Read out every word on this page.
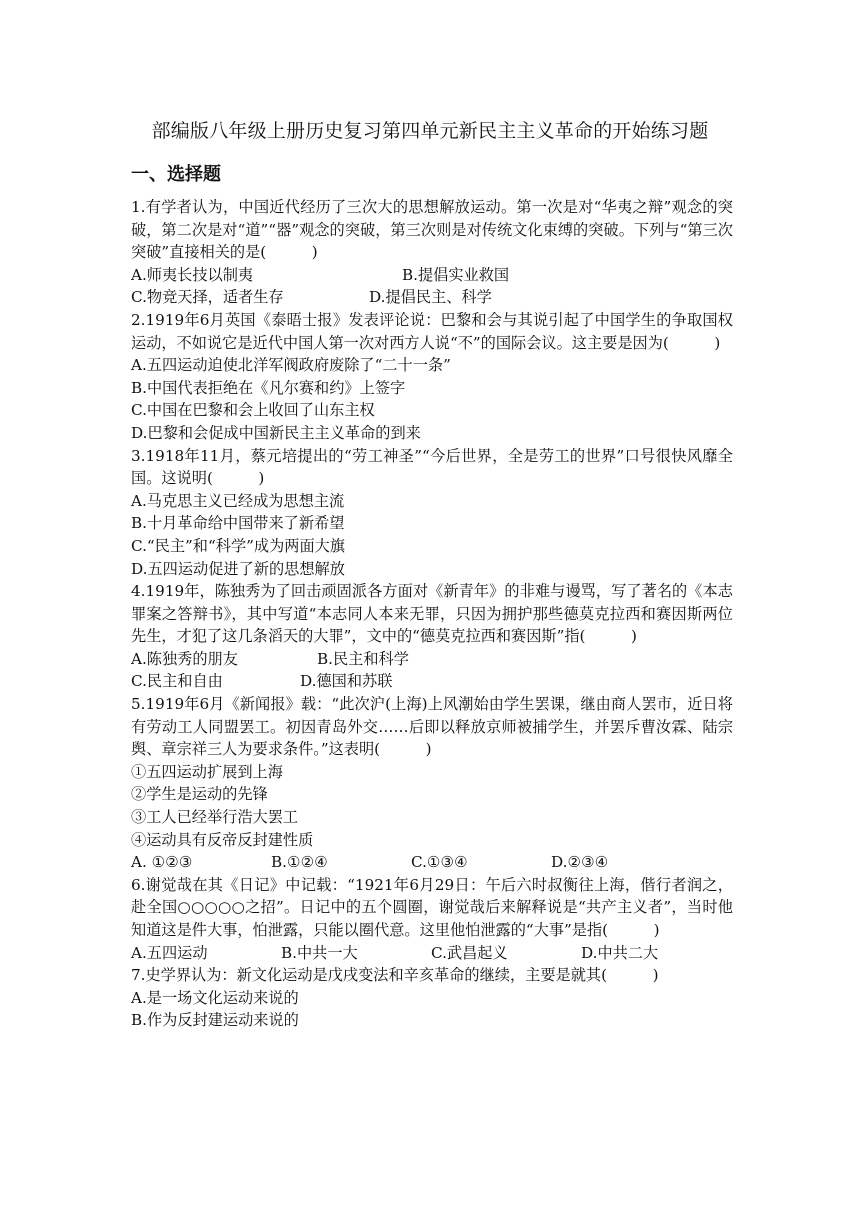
部编版八年级上册历史复习第四单元新民主主义革命的开始练习题
一、选择题
1.有学者认为，中国近代经历了三次大的思想解放运动。第一次是对“华夷之辩”观念的突破，第二次是对“道”“器”观念的突破，第三次则是对传统文化束缚的突破。下列与“第三次突破”直接相关的是(　　　)
A.师夷长技以制夷	B.提倡实业救国
C.物竞天择，适者生存	D.提倡民主、科学
2.1919年6月英国《泰晤士报》发表评论说：巴黎和会与其说引起了中国学生的争取国权运动，不如说它是近代中国人第一次对西方人说“不”的国际会议。这主要是因为(　　　)
A.五四运动迫使北洋军阀政府废除了“二十一条”
B.中国代表拒绝在《凡尔赛和约》上签字
C.中国在巴黎和会上收回了山东主权
D.巴黎和会促成中国新民主主义革命的到来
3.1918年11月，蔡元培提出的“劳工神圣”“今后世界，全是劳工的世界”口号很快风靡全国。这说明(　　　)
A.马克思主义已经成为思想主流
B.十月革命给中国带来了新希望
C.“民主”和“科学”成为两面大旗
D.五四运动促进了新的思想解放
4.1919年，陈独秀为了回击顽固派各方面对《新青年》的非难与谩骂，写了著名的《本志罪案之答辩书》，其中写道“本志同人本来无罪，只因为拥护那些德莫克拉西和赛因斯两位先生，才犯了这几条滔天的大罪”，文中的“德莫克拉西和赛因斯”指(　　　)
A.陈独秀的朋友	B.民主和科学
C.民主和自由	D.德国和苏联
5.1919年6月《新闻报》载：“此次沪(上海)上风潮始由学生罢课，继由商人罢市，近日将有劳动工人同盟罢工。初因青岛外交……后即以释放京师被捕学生，并罢斥曹汝霖、陆宗舆、章宗祥三人为要求条件。”这表明(　　　)
①五四运动扩展到上海
②学生是运动的先锋
③工人已经举行浩大罢工
④运动具有反帝反封建性质
A. ①②③	B.①②④	C.①③④	D.②③④
6.谢觉哉在其《日记》中记载：“1921年6月29日：午后六时叔衡往上海，偕行者润之，赴全国○○○○○之招”。日记中的五个圆圈，谢觉哉后来解释说是“共产主义者”，当时他知道这是件大事，怕泄露，只能以圈代意。这里他怕泄露的“大事”是指(　　　)
A.五四运动	B.中共一大	C.武昌起义	D.中共二大
7.史学界认为：新文化运动是戊戌变法和辛亥革命的继续，主要是就其(　　　)
A.是一场文化运动来说的
B.作为反封建运动来说的
